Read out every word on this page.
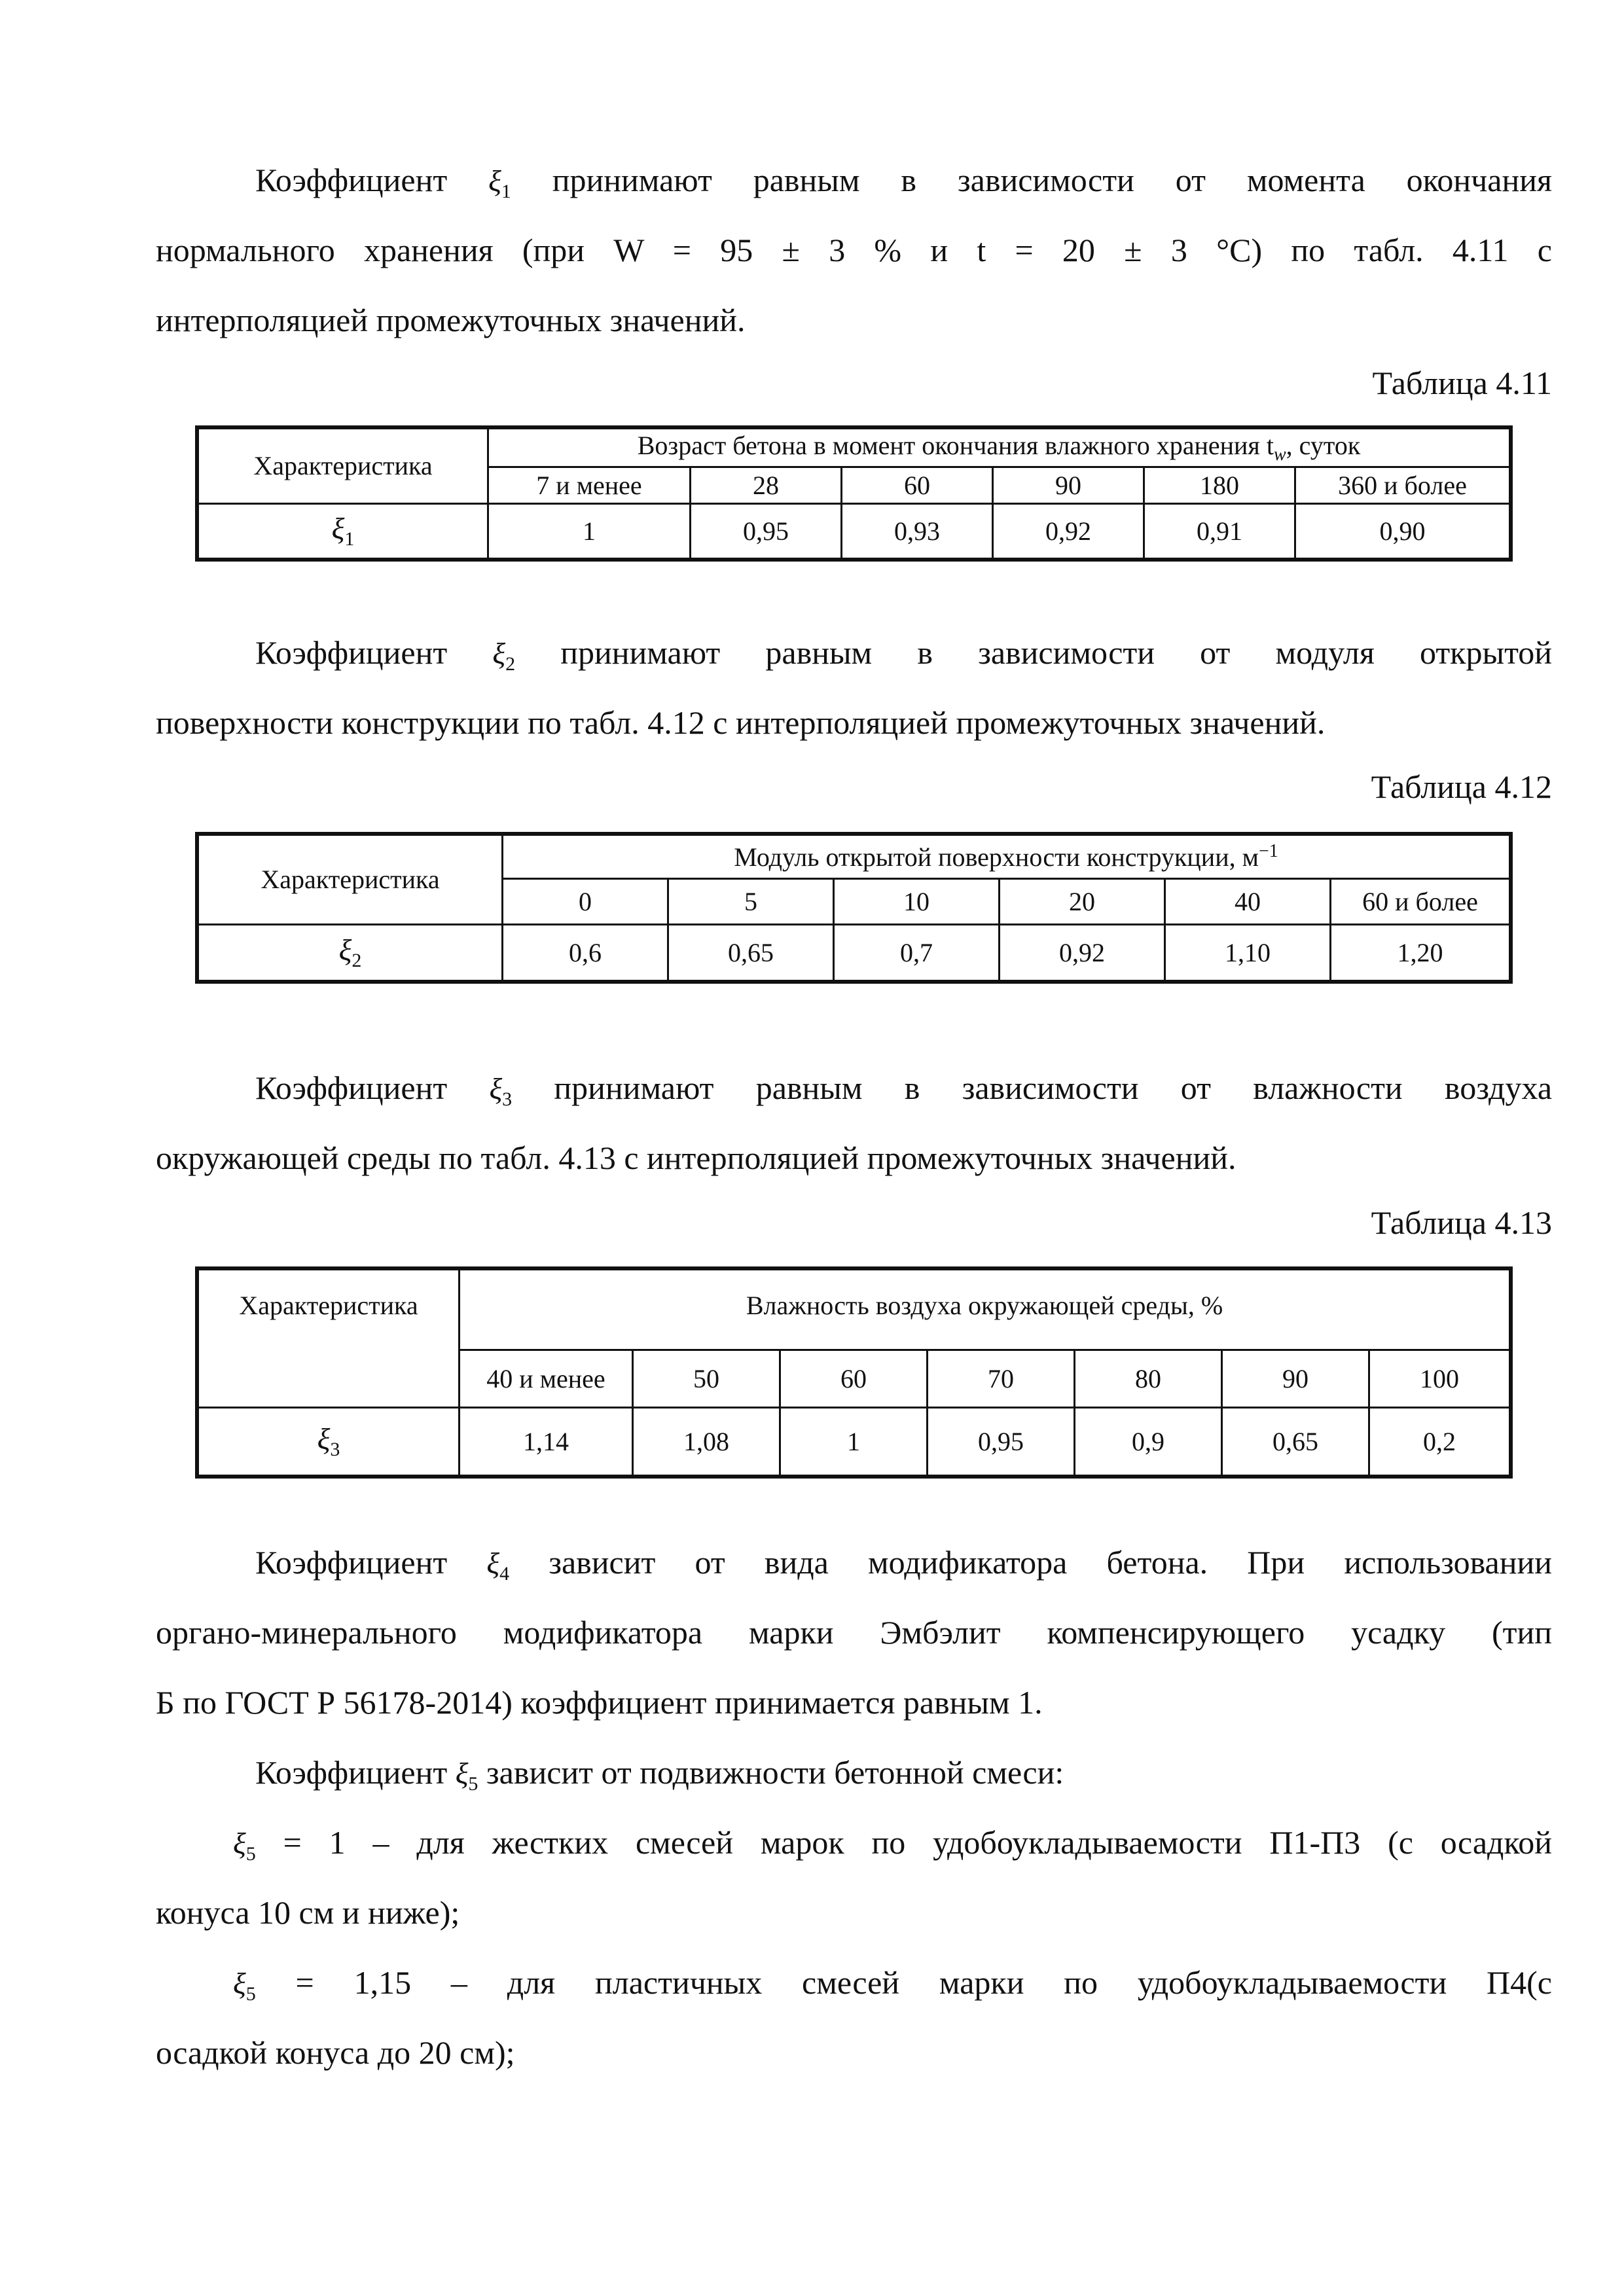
Коэффициент $\xi_1$ принимают равным в зависимости от момента окончания
нормального хранения (при W = 95 ± 3 % и t = 20 ± 3 °С) по табл. 4.11 с
интерполяцией промежуточных значений.
Таблица 4.11
Характеристика	Возраст бетона в момент окончания влажного хранения $t_w$, суток					
	7 и менее	28	60	90	180	360 и более
$\xi_1$	1	0,95	0,93	0,92	0,91	0,90
Коэффициент $\xi_2$ принимают равным в зависимости от модуля открытой
поверхности конструкции по табл. 4.12 с интерполяцией промежуточных значений.
Таблица 4.12
Характеристика	Модуль открытой поверхности конструкции, $м^{-1}$
	0	5	10	20	40	60 и более
$\xi_2$	0,6	0,65	0,7	0,92	1,10	1,20
Коэффициент $\xi_3$ принимают равным в зависимости от влажности воздуха
окружающей среды по табл. 4.13 с интерполяцией промежуточных значений.
Таблица 4.13
Характеристика	Влажность воздуха окружающей среды, %						
	40 и менее	50	60	70	80	90	100
$\xi_3$	1,14	1,08	1	0,95	0,9	0,65	0,2
Коэффициент $\xi_4$ зависит от вида модификатора бетона. При использовании
органо-минерального модификатора марки Эмбэлит компенсирующего усадку (тип
Б по ГОСТ Р 56178-2014) коэффициент принимается равным 1.
Коэффициент $\xi_5$ зависит от подвижности бетонной смеси:
$\xi_5 = 1$ – для жестких смесей марок по удобоукладываемости П1-П3 (с осадкой
конуса 10 см и ниже);
$\xi_5 = 1,15$ – для пластичных смесей марки по удобоукладываемости П4(с
осадкой конуса до 20 см);
